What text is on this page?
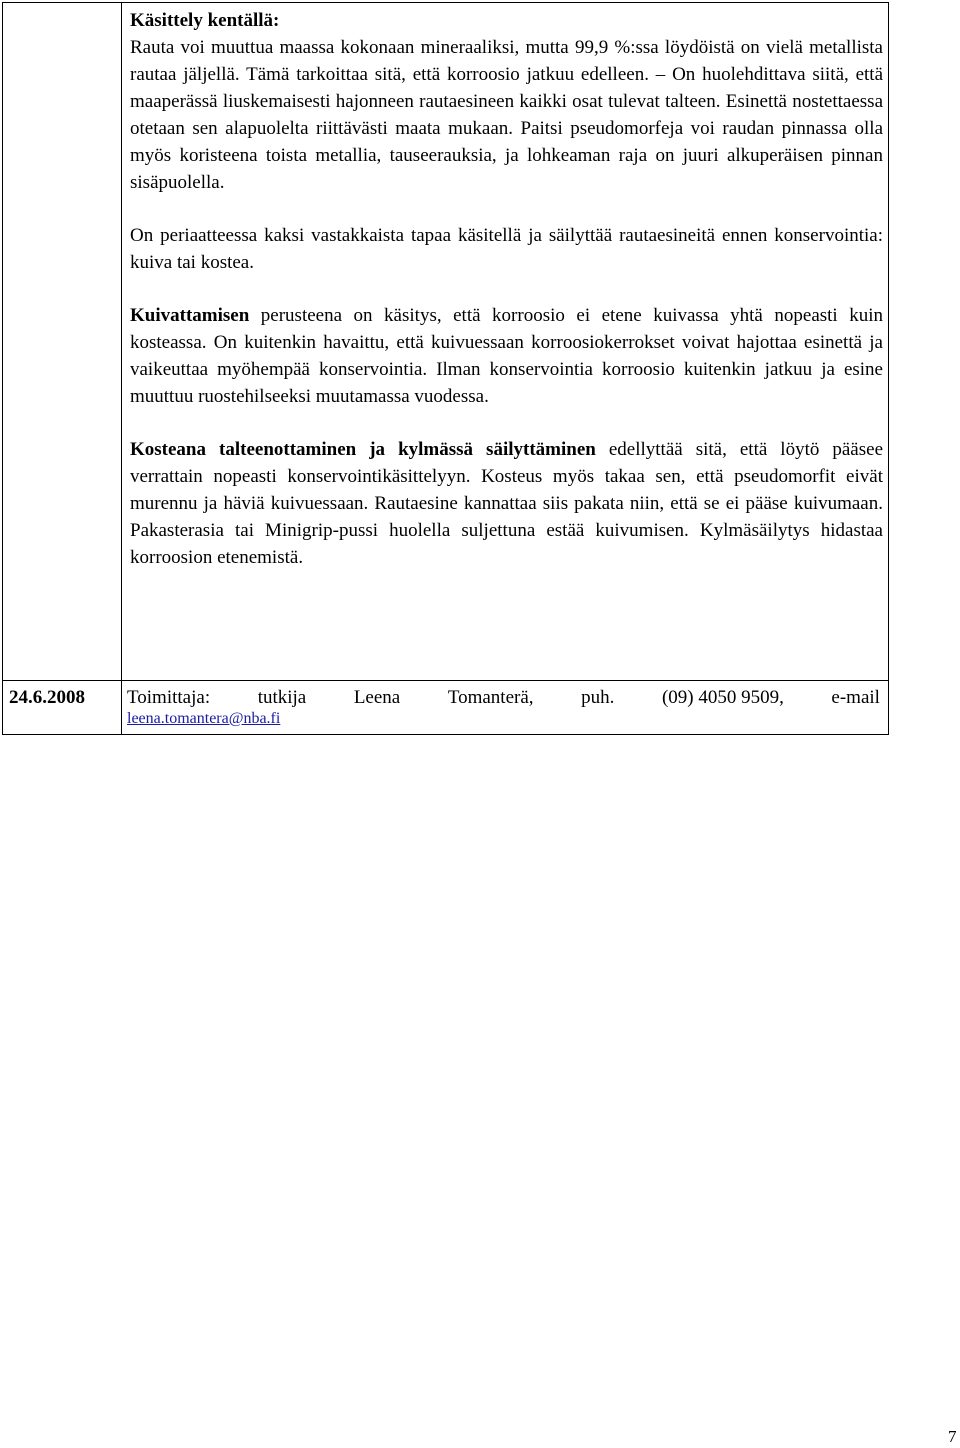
Käsittely kentällä:

Rauta voi muuttua maassa kokonaan mineraaliksi, mutta 99,9 %:ssa löydöistä on vielä metallista rautaa jäljellä. Tämä tarkoittaa sitä, että korroosio jatkuu edelleen. – On huolehdittava siitä, että maaperässä liuskemaisesti hajonneen rautaesineen kaikki osat tulevat talteen. Esinettä nostettaessa otetaan sen alapuolelta riittävästi maata mukaan. Paitsi pseudomorfeja voi raudan pinnassa olla myös koristeena toista metallia, tauseerauksia, ja lohkeaman raja on juuri alkuperäisen pinnan sisäpuolella.

On periaatteessa kaksi vastakkaista tapaa käsitellä ja säilyttää rautaesineitä ennen konservointia: kuiva tai kostea.

Kuivattamisen perusteena on käsitys, että korroosio ei etene kuivassa yhtä nopeasti kuin kosteassa. On kuitenkin havaittu, että kuivuessaan korroosiokerrokset voivat hajottaa esinettä ja vaikeuttaa myöhempää konservointia. Ilman konservointia korroosio kuitenkin jatkuu ja esine muuttuu ruostehilseeksi muutamassa vuodessa.

Kosteana talteenottaminen ja kylmässä säilyttäminen edellyttää sitä, että löytö pääsee verrattain nopeasti konservointikäsittelyyn. Kosteus myös takaa sen, että pseudomorfit eivät murennu ja häviä kuivuessaan. Rautaesine kannattaa siis pakata niin, että se ei pääse kuivumaan. Pakasterasia tai Minigrip-pussi huolella suljettuna estää kuivumisen. Kylmäsäilytys hidastaa korroosion etenemistä.

24.6.2008 Toimittaja:	tutkija	Leena	Tomanterä,	puh.	(09) 4050 9509,	e-mail
leena.tomantera@nba.fi
7
